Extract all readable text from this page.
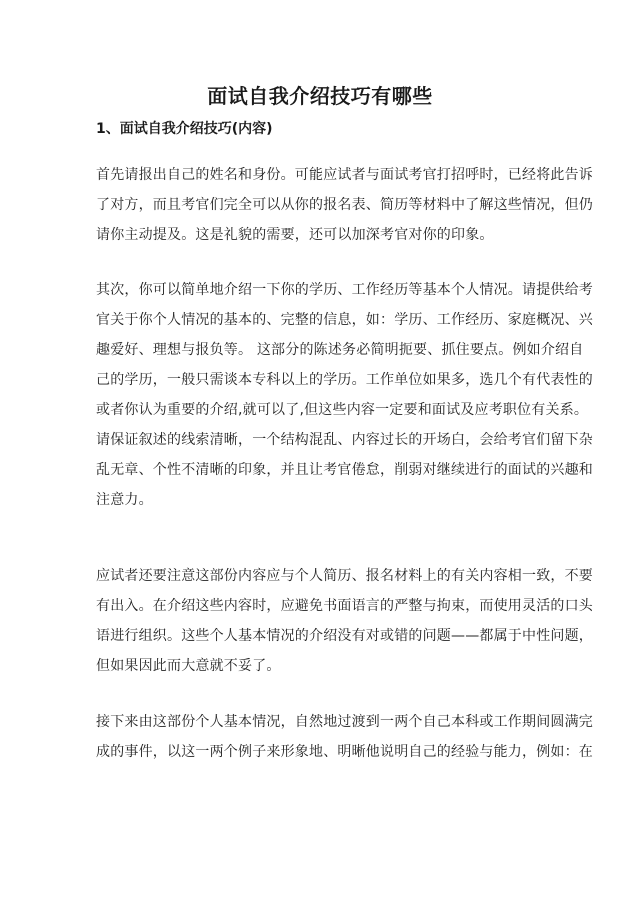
面试自我介绍技巧有哪些
1、面试自我介绍技巧(内容)
首先请报出自己的姓名和身份。可能应试者与面试考官打招呼时，已经将此告诉
了对方，而且考官们完全可以从你的报名表、简历等材料中了解这些情况，但仍
请你主动提及。这是礼貌的需要，还可以加深考官对你的印象。
其次，你可以简单地介绍一下你的学历、工作经历等基本个人情况。请提供给考
官关于你个人情况的基本的、完整的信息，如：学历、工作经历、家庭概况、兴
趣爱好、理想与报负等。 这部分的陈述务必简明扼要、抓住要点。例如介绍自
己的学历，一般只需谈本专科以上的学历。工作单位如果多，选几个有代表性的
或者你认为重要的介绍,就可以了,但这些内容一定要和面试及应考职位有关系。
请保证叙述的线索清晰，一个结构混乱、内容过长的开场白，会给考官们留下杂
乱无章、个性不清晰的印象，并且让考官倦怠，削弱对继续进行的面试的兴趣和
注意力。
应试者还要注意这部份内容应与个人简历、报名材料上的有关内容相一致，不要
有出入。在介绍这些内容时，应避免书面语言的严整与拘束，而使用灵活的口头
语进行组织。这些个人基本情况的介绍没有对或错的问题——都属于中性问题，
但如果因此而大意就不妥了。
接下来由这部份个人基本情况，自然地过渡到一两个自己本科或工作期间圆满完
成的事件，以这一两个例子来形象地、明晰他说明自己的经验与能力，例如：在
